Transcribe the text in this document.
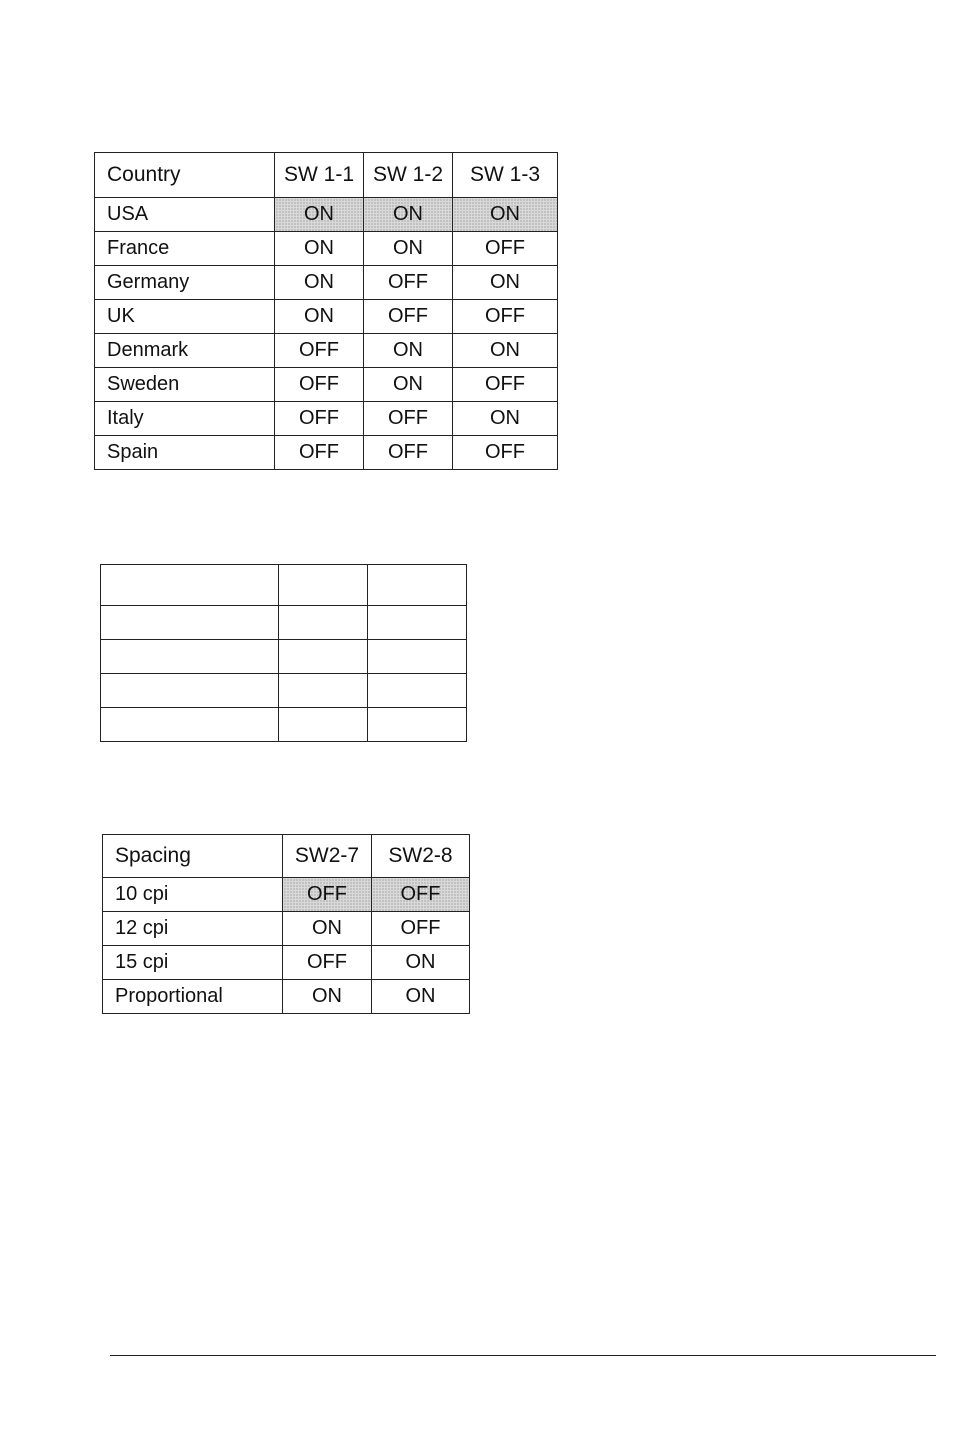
Country	SW 1-1	SW 1-2	SW 1-3
USA	ON	ON	ON
France	ON	ON	OFF
Germany	ON	OFF	ON
UK	ON	OFF	OFF
Denmark	OFF	ON	ON
Sweden	OFF	ON	OFF
Italy	OFF	OFF	ON
Spain	OFF	OFF	OFF

Spacing	SW2-7	SW2-8
10 cpi	OFF	OFF
12 cpi	ON	OFF
15 cpi	OFF	ON
Proportional	ON	ON
